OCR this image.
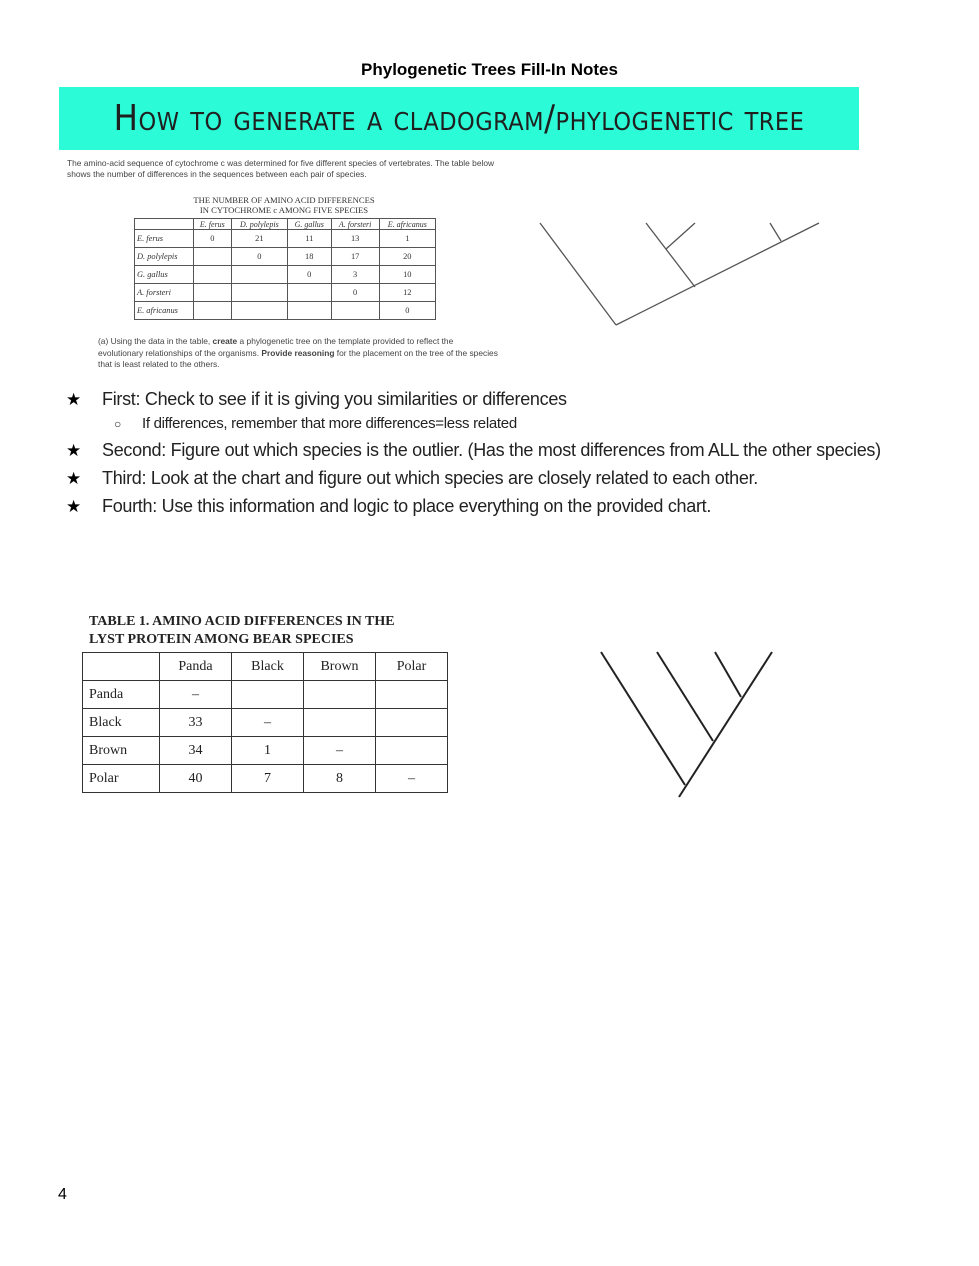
Phylogenetic Trees Fill-In Notes
How to generate a cladogram/phylogenetic tree
The amino-acid sequence of cytochrome c was determined for five different species of vertebrates. The table below shows the number of differences in the sequences between each pair of species.
THE NUMBER OF AMINO ACID DIFFERENCES
IN CYTOCHROME c AMONG FIVE SPECIES
	E. ferus	D. polylepis	G. gallus	A. forsteri	E. africanus
E. ferus	0	21	11	13	1
D. polylepis		0	18	17	20
G. gallus			0	3	10
A. forsteri				0	12
E. africanus					0
(a) Using the data in the table, create a phylogenetic tree on the template provided to reflect the evolutionary relationships of the organisms. Provide reasoning for the placement on the tree of the species that is least related to the others.
★ First: Check to see if it is giving you similarities or differences
○ If differences, remember that more differences=less related
★ Second: Figure out which species is the outlier. (Has the most differences from ALL the other species)
★ Third: Look at the chart and figure out which species are closely related to each other.
★ Fourth: Use this information and logic to place everything on the provided chart.
TABLE 1. AMINO ACID DIFFERENCES IN THE
LYST PROTEIN AMONG BEAR SPECIES
	Panda	Black	Brown	Polar
Panda	–			
Black	33	–		
Brown	34	1	–	
Polar	40	7	8	–
4
